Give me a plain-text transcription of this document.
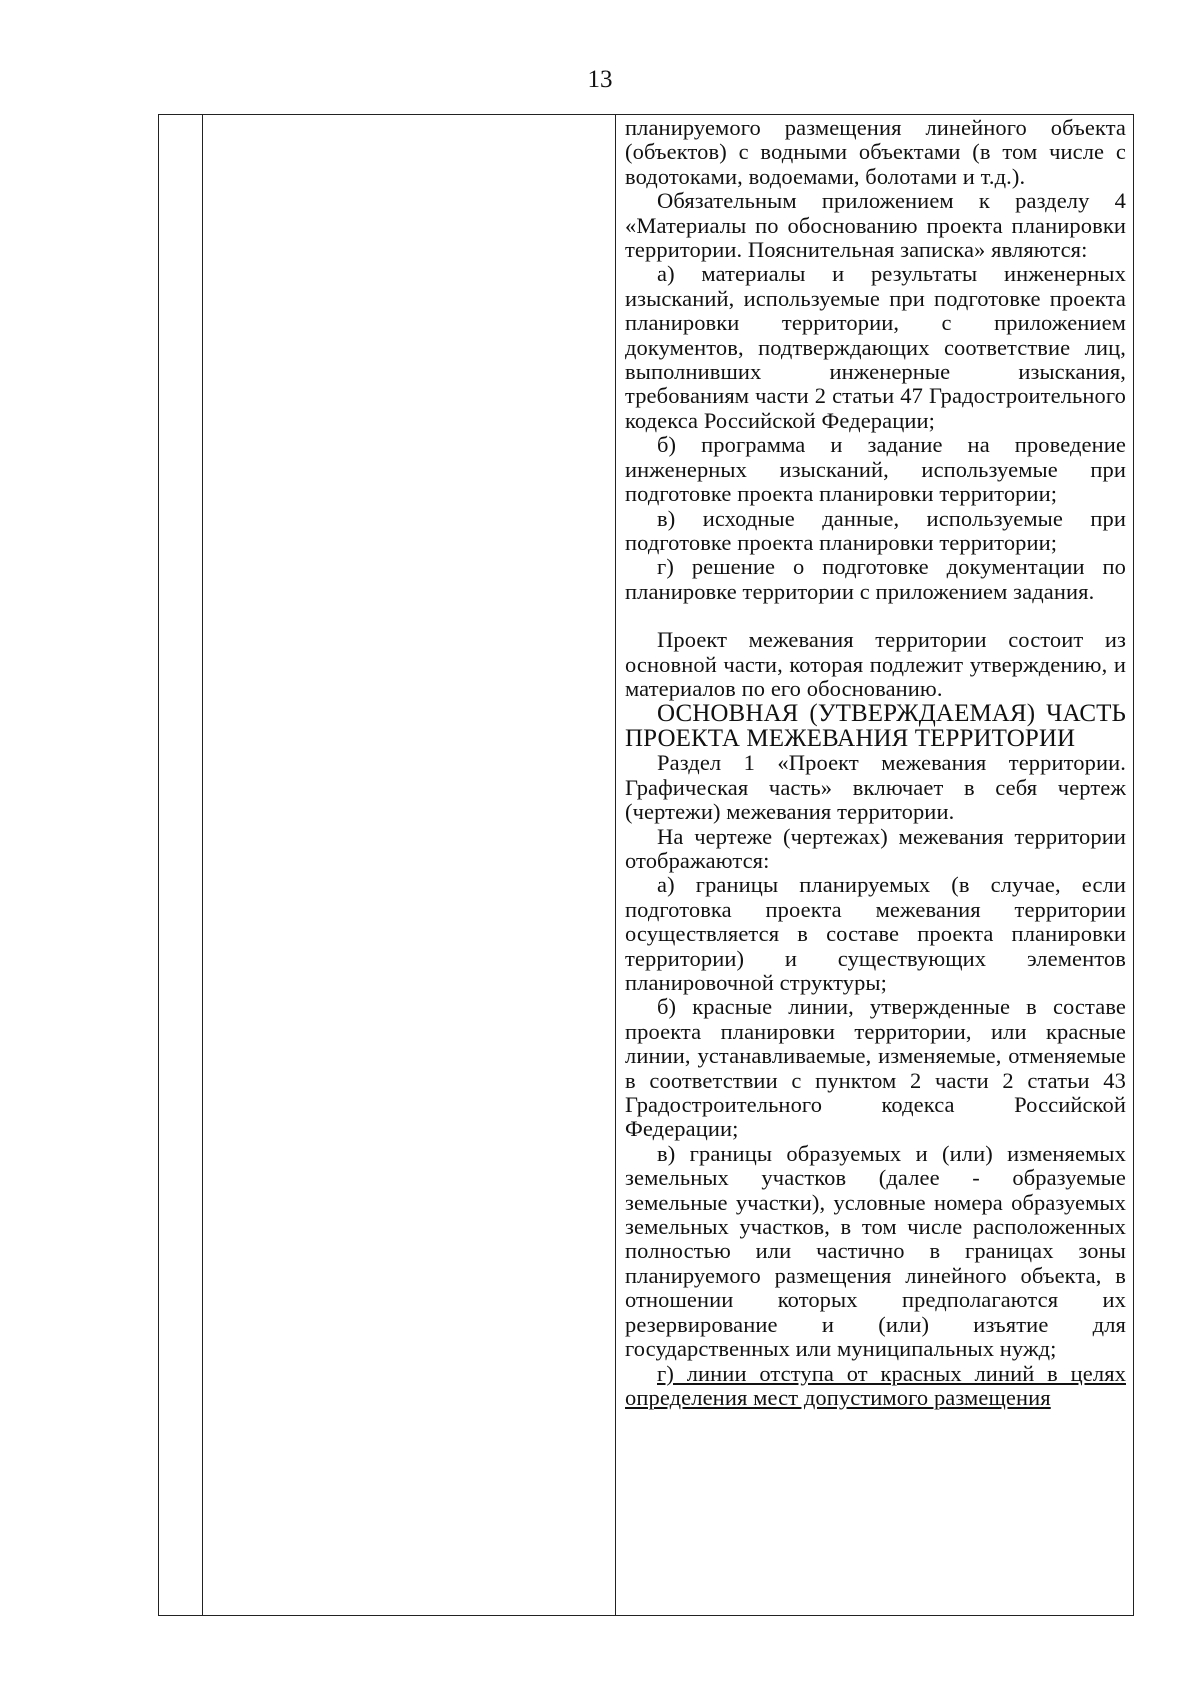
13

планируемого размещения линейного объекта (объектов) с водными объектами (в том числе с водотоками, водоемами, болотами и т.д.).

Обязательным приложением к разделу 4 «Материалы по обоснованию проекта планировки территории. Пояснительная записка» являются:

а) материалы и результаты инженерных изысканий, используемые при подготовке проекта планировки территории, с приложением документов, подтверждающих соответствие лиц, выполнивших инженерные изыскания, требованиям части 2 статьи 47 Градостроительного кодекса Российской Федерации;

б) программа и задание на проведение инженерных изысканий, используемые при подготовке проекта планировки территории;

в) исходные данные, используемые при подготовке проекта планировки территории;

г) решение о подготовке документации по планировке территории с приложением задания.

Проект межевания территории состоит из основной части, которая подлежит утверждению, и материалов по его обоснованию.

ОСНОВНАЯ (УТВЕРЖДАЕМАЯ) ЧАСТЬ ПРОЕКТА МЕЖЕВАНИЯ ТЕРРИТОРИИ

Раздел 1 «Проект межевания территории. Графическая часть» включает в себя чертеж (чертежи) межевания территории.

На чертеже (чертежах) межевания территории отображаются:

а) границы планируемых (в случае, если подготовка проекта межевания территории осуществляется в составе проекта планировки территории) и существующих элементов планировочной структуры;

б) красные линии, утвержденные в составе проекта планировки территории, или красные линии, устанавливаемые, изменяемые, отменяемые в соответствии с пунктом 2 части 2 статьи 43 Градостроительного кодекса Российской Федерации;

в) границы образуемых и (или) изменяемых земельных участков (далее - образуемые земельные участки), условные номера образуемых земельных участков, в том числе расположенных полностью или частично в границах зоны планируемого размещения линейного объекта, в отношении которых предполагаются их резервирование и (или) изъятие для государственных или муниципальных нужд;

г) линии отступа от красных линий в целях определения мест допустимого размещения
